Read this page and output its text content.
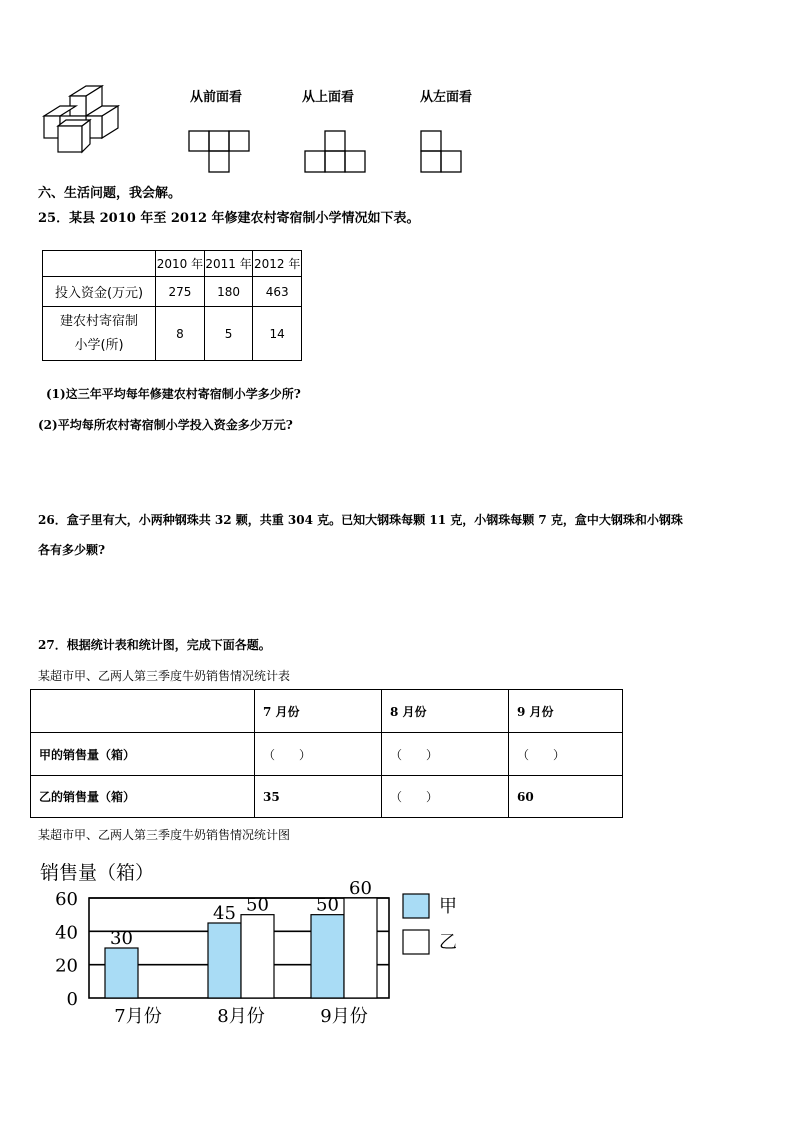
从前面看	从上面看	从左面看
六、生活问题，我会解。
25．某县 2010 年至 2012 年修建农村寄宿制小学情况如下表。
	2010 年	2011 年	2012 年
投入资金(万元)	275	180	463

建农村寄宿制
小学(所)	8	5	14
(1)这三年平均每年修建农村寄宿制小学多少所?
(2)平均每所农村寄宿制小学投入资金多少万元?
26．盒子里有大，小两种钢珠共 32 颗，共重 304 克。已知大钢珠每颗 11 克，小钢珠每颗 7 克，盒中大钢珠和小钢珠
各有多少颗?
27．根据统计表和统计图，完成下面各题。
某超市甲、乙两人第三季度牛奶销售情况统计表
	7 月份	8 月份	9 月份
甲的销售量（箱）	（　　）	（　　）	（　　）
乙的销售量（箱）	35	（　　）	60
某超市甲、乙两人第三季度牛奶销售情况统计图
销售量（箱）
0
20
40
60
30
7月份
45 50
8月份
50
60
9月份
甲
乙
